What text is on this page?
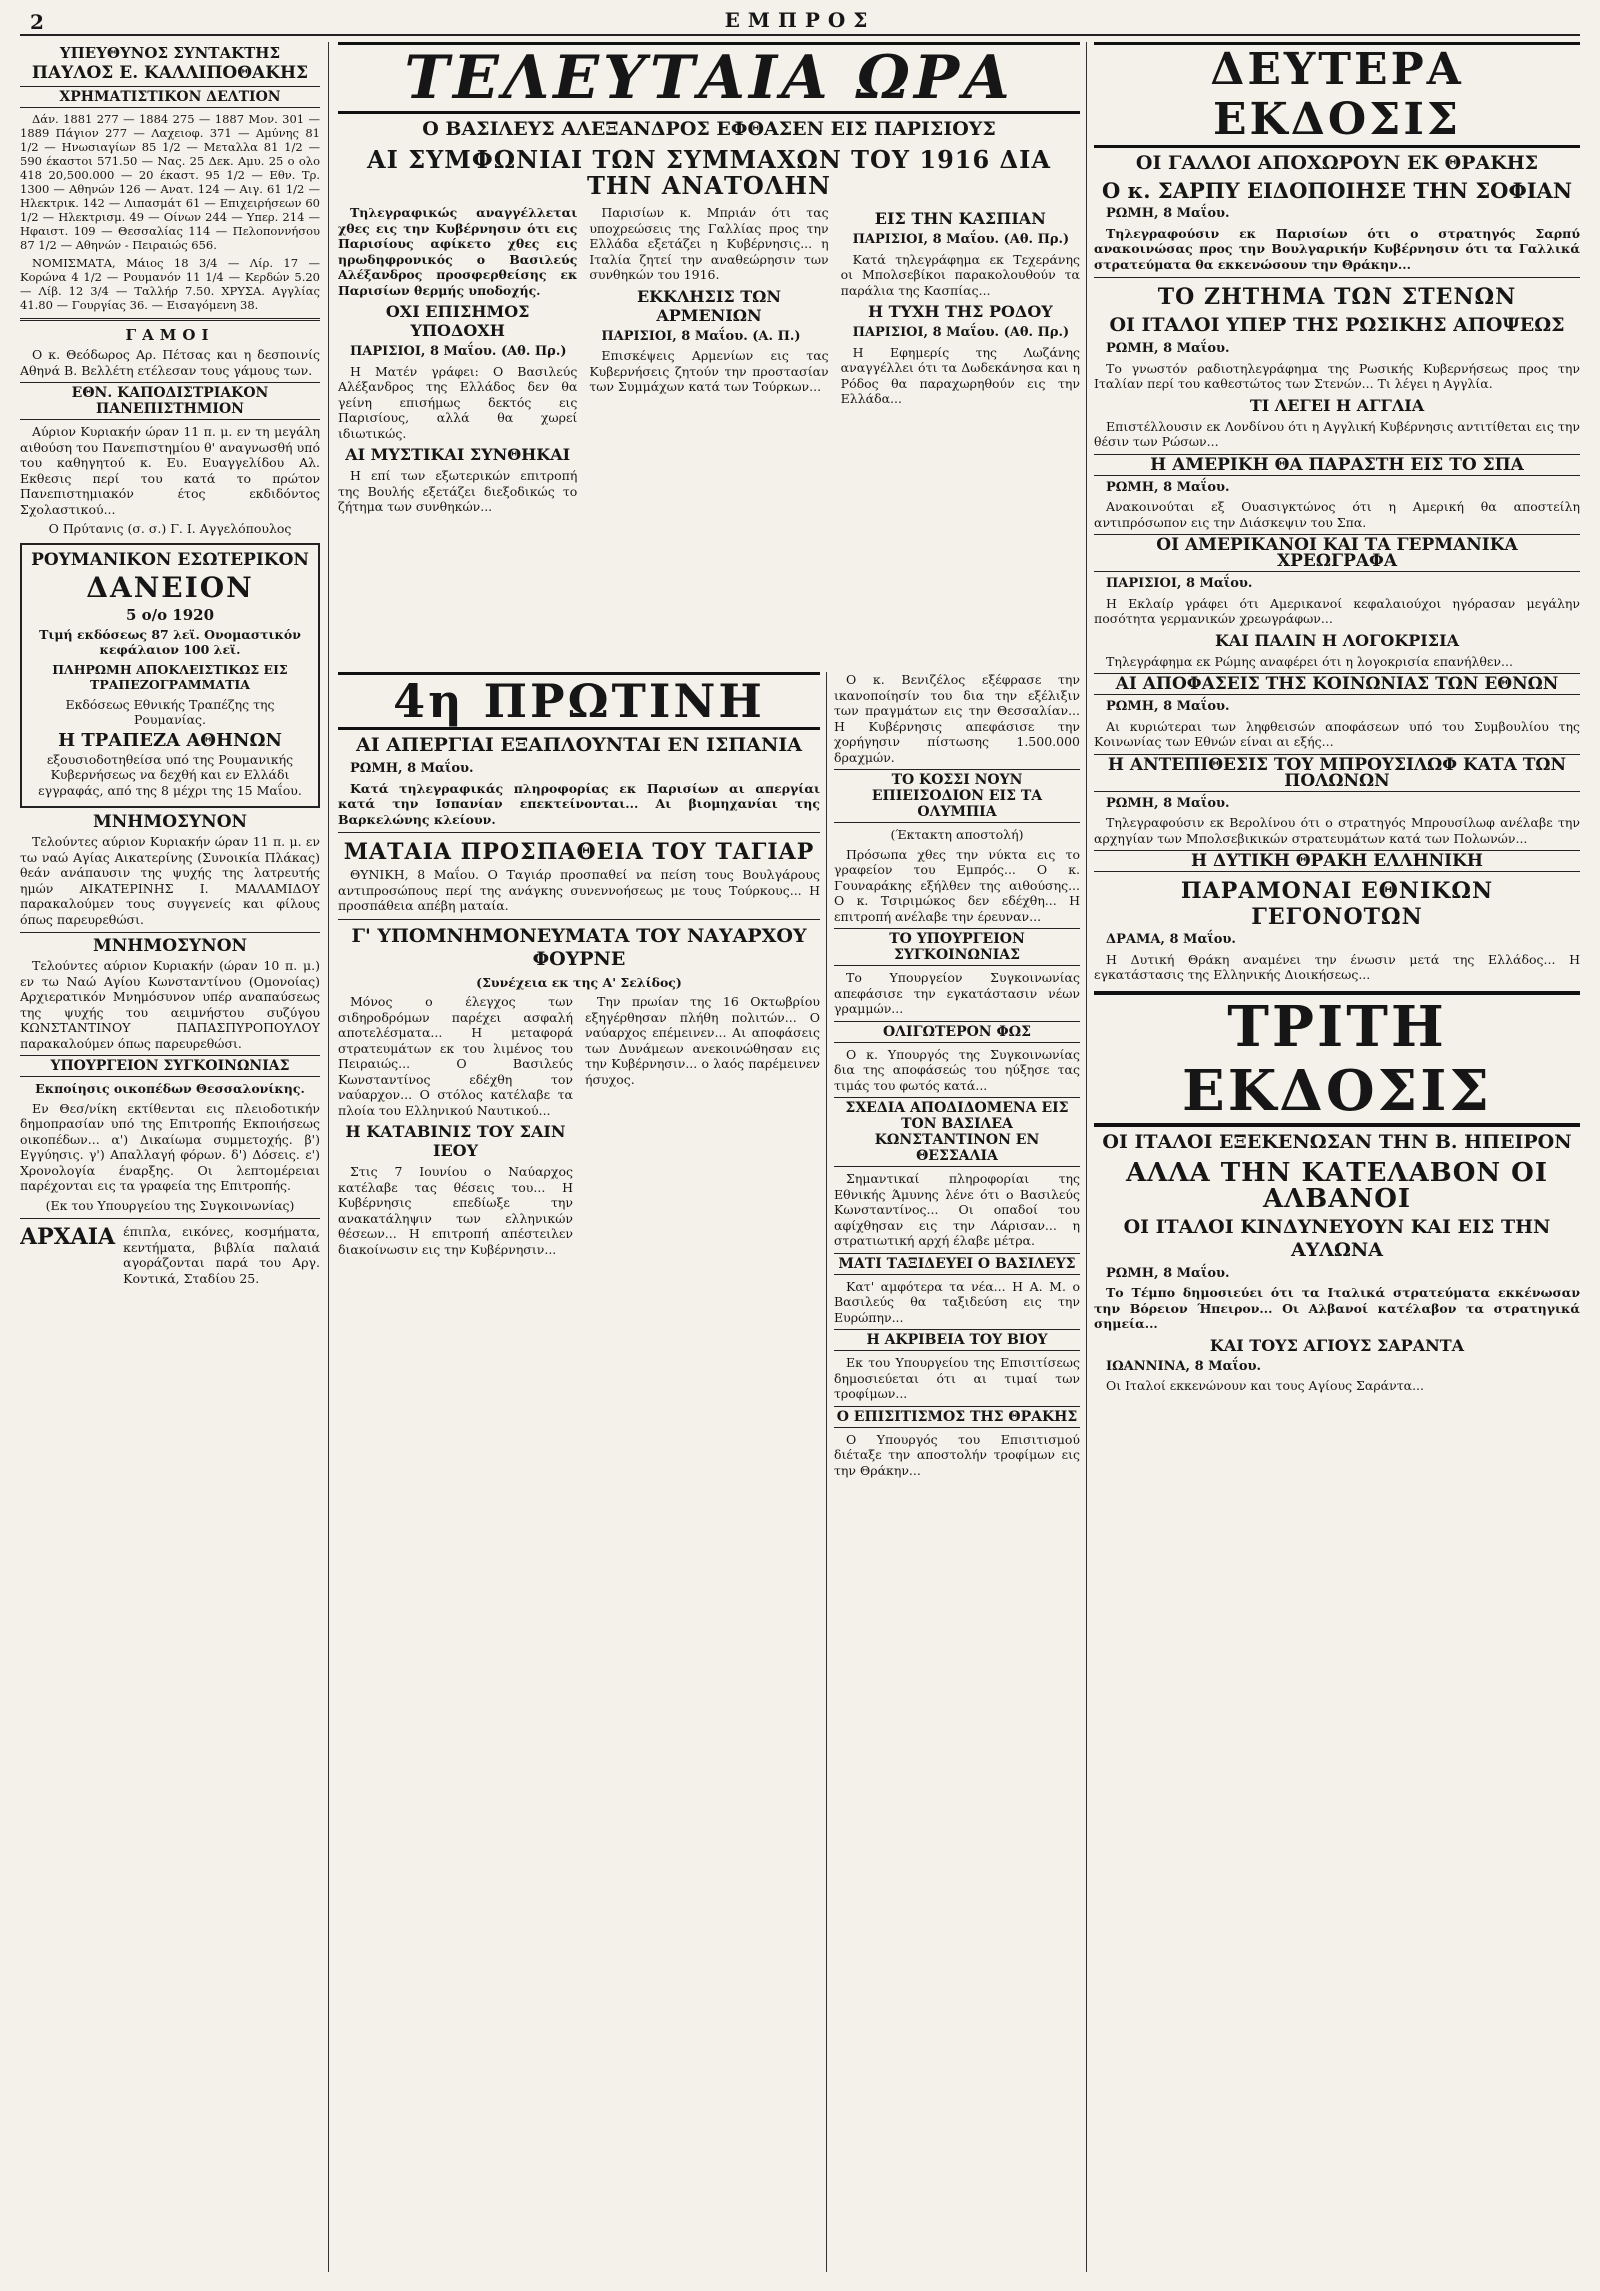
2	ΕΜΠΡΟΣ
ΥΠΕΥΘΥΝΟΣ ΣΥΝΤΑΚΤΗΣ
ΠΑΥΛΟΣ Ε. ΚΑΛΛΙΠΟΘΑΚΗΣ
ΧΡΗΜΑΤΙΣΤΙΚΟΝ ΔΕΛΤΙΟΝ

Δάν. 1881 277 — 1884 275 — 1887 Μον. 301 — 1889 Πάγιον 277 — Λαχειοφ. 371 — Αμύνης 81 1/2 — Ηνωσιαγίων 85 1/2 — Μεταλλα 81 1/2 — 590 έκαστοι 571.50 — Νας. 25 Δεκ. Αμυ. 25 ο ολο 418 20,500.000 — 20 έκαστ. 95 1/2 — Εθν. Τρ. 1300 — Αθηνών 126 — Ανατ. 124 — Αιγ. 61 1/2 — Ηλεκτρικ. 142 — Λιπασμάτ 61 — Επιχειρήσεων 60 1/2 — Ηλεκτρισμ. 49 — Οίνων 244 — Υπερ. 214 — Ηφαιστ. 109 — Θεσσαλίας 114 — Πελοποννήσου 87 1/2 — Αθηνών - Πειραιώς 656.

ΝΟΜΙΣΜΑΤΑ, Μάιος 18 3/4 — Λίρ. 17 — Κορώνα 4 1/2 — Ρουμανόν 11 1/4 — Κερδών 5.20 — Λίβ. 12 3/4 — Ταλλήρ 7.50. ΧΡΥΣΑ. Αγγλίας 41.80 — Γουργίας 36. — Εισαγόμενη 38.

ΓΑΜΟΙ

Ο κ. Θεόδωρος Αρ. Πέτσας και η δεσποινίς Αθηνά Β. Βελλέτη ετέλεσαν τους γάμους των.

ΕΘΝ. ΚΑΠΟΔΙΣΤΡΙΑΚΟΝ ΠΑΝΕΠΙΣΤΗΜΙΟΝ

Αύριον Κυριακήν ώραν 11 π. μ. εν τη μεγάλη αιθούση του Πανεπιστημίου θ' αναγνωσθή υπό του καθηγητού κ. Ευ. Ευαγγελίδου Αλ. Εκθεσις περί του κατά το πρώτον Πανεπιστημιακόν έτος εκδιδόντος Σχολαστικού...

Ο Πρύτανις (σ. σ.) Γ. Ι. Αγγελόπουλος

ΡΟΥΜΑΝΙΚΟΝ ΕΣΩΤΕΡΙΚΟΝ
ΔΑΝΕΙΟΝ
5 ο/ο 1920

Τιμή εκδόσεως 87 λεϊ. Ονομαστικόν κεφάλαιον 100 λεϊ.

ΠΛΗΡΩΜΗ ΑΠΟΚΛΕΙΣΤΙΚΩΣ ΕΙΣ ΤΡΑΠΕΖΟΓΡΑΜΜΑΤΙΑ

Εκδόσεως Εθνικής Τραπέζης της Ρουμανίας.

Η ΤΡΑΠΕΖΑ ΑΘΗΝΩΝ

εξουσιοδοτηθείσα υπό της Ρουμανικής Κυβερνήσεως να δεχθή και εν Ελλάδι εγγραφάς, από της 8 μέχρι της 15 Μαΐου.

ΜΝΗΜΟΣΥΝΟΝ

Τελούντες αύριον Κυριακήν ώραν 11 π. μ. εν τω ναώ Αγίας Αικατερίνης (Συνοικία Πλάκας) θεάν ανάπαυσιν της ψυχής της λατρευτής ημών ΑΙΚΑΤΕΡΙΝΗΣ Ι. ΜΑΛΑΜΙΔΟΥ παρακαλούμεν τους συγγενείς και φίλους όπως παρευρεθώσι.

ΜΝΗΜΟΣΥΝΟΝ

Τελούντες αύριον Κυριακήν (ώραν 10 π. μ.) εν τω Ναώ Αγίου Κωνσταντίνου (Ομονοίας) Αρχιερατικόν Μνημόσυνον υπέρ αναπαύσεως της ψυχής του αειμνήστου συζύγου ΚΩΝΣΤΑΝΤΙΝΟΥ ΠΑΠΑΣΠΥΡΟΠΟΥΛΟΥ παρακαλούμεν όπως παρευρεθώσι.

ΥΠΟΥΡΓΕΙΟΝ ΣΥΓΚΟΙΝΩΝΙΑΣ

Εκποίησις οικοπέδων Θεσσαλονίκης.

Εν Θεσ/νίκη εκτίθενται εις πλειοδοτικήν δημοπρασίαν υπό της Επιτροπής Εκποιήσεως οικοπέδων... α') Δικαίωμα συμμετοχής. β') Εγγύησις. γ') Απαλλαγή φόρων. δ') Δόσεις. ε') Χρονολογία έναρξης. Οι λεπτομέρειαι παρέχονται εις τα γραφεία της Επιτροπής.

(Εκ του Υπουργείου της Συγκοινωνίας)

ΑΡΧΑΙΑ έπιπλα, εικόνες, κοσμήματα, κεντήματα, βιβλία παλαιά αγοράζονται παρά του Αργ. Κοντικά, Σταδίου 25.

ΤΕΛΕΥΤΑΙΑ ΩΡΑ
Ο ΒΑΣΙΛΕΥΣ ΑΛΕΞΑΝΔΡΟΣ ΕΦΘΑΣΕΝ ΕΙΣ ΠΑΡΙΣΙΟΥΣ
ΑΙ ΣΥΜΦΩΝΙΑΙ ΤΩΝ ΣΥΜΜΑΧΩΝ ΤΟΥ 1916 ΔΙΑ ΤΗΝ ΑΝΑΤΟΛΗΝ

Τηλεγραφικώς αναγγέλλεται χθες εις την Κυβέρνησιν ότι εις Παρισίους αφίκετο χθες εις ηρωδηφρονικός ο Βασιλεύς Αλέξανδρος προσφερθείσης εκ Παρισίων θερμής υποδοχής.

ΟΧΙ ΕΠΙΣΗΜΟΣ ΥΠΟΔΟΧΗ

ΠΑΡΙΣΙΟΙ, 8 Μαΐου. (Αθ. Πρ.)

Η Ματέν γράφει: Ο Βασιλεύς Αλέξανδρος της Ελλάδος δεν θα γείνη επισήμως δεκτός εις Παρισίους, αλλά θα χωρεί ιδιωτικώς.

ΑΙ ΜΥΣΤΙΚΑΙ ΣΥΝΘΗΚΑΙ

Η επί των εξωτερικών επιτροπή της Βουλής εξετάζει διεξοδικώς το ζήτημα των συνθηκών...

Παρισίων κ. Μπριάν ότι τας υποχρεώσεις της Γαλλίας προς την Ελλάδα εξετάζει η Κυβέρνησις... η Ιταλία ζητεί την αναθεώρησιν των συνθηκών του 1916.

ΕΚΚΛΗΣΙΣ ΤΩΝ ΑΡΜΕΝΙΩΝ

ΠΑΡΙΣΙΟΙ, 8 Μαΐου. (Α. Π.)

Επισκέψεις Αρμενίων εις τας Κυβερνήσεις ζητούν την προστασίαν των Συμμάχων κατά των Τούρκων...

ΕΙΣ ΤΗΝ ΚΑΣΠΙΑΝ

ΠΑΡΙΣΙΟΙ, 8 Μαΐου. (Αθ. Πρ.)

Κατά τηλεγράφημα εκ Τεχεράνης οι Μπολσεβίκοι παρακολουθούν τα παράλια της Κασπίας...

Η ΤΥΧΗ ΤΗΣ ΡΟΔΟΥ

ΠΑΡΙΣΙΟΙ, 8 Μαΐου. (Αθ. Πρ.)

Η Εφημερίς της Λωζάνης αναγγέλλει ότι τα Δωδεκάνησα και η Ρόδος θα παραχωρηθούν εις την Ελλάδα...

4η ΠΡΩΤΙΝΗ
ΑΙ ΑΠΕΡΓΙΑΙ ΕΞΑΠΛΟΥΝΤΑΙ ΕΝ ΙΣΠΑΝΙΑ

ΡΩΜΗ, 8 Μαΐου.

Κατά τηλεγραφικάς πληροφορίας εκ Παρισίων αι απεργίαι κατά την Ισπανίαν επεκτείνονται... Αι βιομηχανίαι της Βαρκελώνης κλείουν.

ΜΑΤΑΙΑ ΠΡΟΣΠΑΘΕΙΑ ΤΟΥ ΤΑΓΙΑΡ

ΘΥΝΙΚΗ, 8 Μαΐου. Ο Ταγιάρ προσπαθεί να πείση τους Βουλγάρους αντιπροσώπους περί της ανάγκης συνεννοήσεως με τους Τούρκους... Η προσπάθεια απέβη ματαία.

Γ' ΥΠΟΜΝΗΜΟΝΕΥΜΑΤΑ ΤΟΥ ΝΑΥΑΡΧΟΥ ΦΟΥΡΝΕ

(Συνέχεια εκ της Α' Σελίδος)

Μόνος ο έλεγχος των σιδηροδρόμων παρέχει ασφαλή αποτελέσματα... Η μεταφορά στρατευμάτων εκ του λιμένος του Πειραιώς... Ο Βασιλεύς Κωνσταντίνος εδέχθη τον ναύαρχον... Ο στόλος κατέλαβε τα πλοία του Ελληνικού Ναυτικού...

Η ΚΑΤΑΒΙΝΙΣ ΤΟΥ ΣΑΙΝ ΙΕΟΥ

Στις 7 Ιουνίου ο Ναύαρχος κατέλαβε τας θέσεις του... Η Κυβέρνησις επεδίωξε την ανακατάληψιν των ελληνικών θέσεων... Η επιτροπή απέστειλεν διακοίνωσιν εις την Κυβέρνησιν...

Την πρωίαν της 16 Οκτωβρίου εξηγέρθησαν πλήθη πολιτών... Ο ναύαρχος επέμεινεν... Αι αποφάσεις των Δυνάμεων ανεκοινώθησαν εις την Κυβέρνησιν... ο λαός παρέμεινεν ήσυχος.

Ο κ. Βενιζέλος εξέφρασε την ικανοποίησίν του δια την εξέλιξιν των πραγμάτων εις την Θεσσαλίαν... Η Κυβέρνησις απεφάσισε την χορήγησιν πίστωσης 1.500.000 δραχμών.

ΤΟ ΚΟΣΣΙ ΝΟΥΝ ΕΠΙΕΙΣΟΔΙΟΝ ΕΙΣ ΤΑ ΟΛΥΜΠΙΑ

(Έκτακτη αποστολή)

Πρόσωπα χθες την νύκτα εις το γραφείον του Εμπρός... Ο κ. Γουναράκης εξήλθεν της αιθούσης... Ο κ. Τσιριμώκος δεν εδέχθη... Η επιτροπή ανέλαβε την έρευναν...

ΤΟ ΥΠΟΥΡΓΕΙΟΝ ΣΥΓΚΟΙΝΩΝΙΑΣ

Το Υπουργείον Συγκοινωνίας απεφάσισε την εγκατάστασιν νέων γραμμών...

ΟΛΙΓΩΤΕΡΟΝ ΦΩΣ

Ο κ. Υπουργός της Συγκοινωνίας δια της αποφάσεώς του ηύξησε τας τιμάς του φωτός κατά...

ΣΧΕΔΙΑ ΑΠΟΔΙΔΟΜΕΝΑ ΕΙΣ ΤΟΝ ΒΑΣΙΛΕΑ ΚΩΝΣΤΑΝΤΙΝΟΝ ΕΝ ΘΕΣΣΑΛΙΑ

Σημαντικαί πληροφορίαι της Εθνικής Άμυνης λένε ότι ο Βασιλεύς Κωνσταντίνος... Οι οπαδοί του αφίχθησαν εις την Λάρισαν... η στρατιωτική αρχή έλαβε μέτρα.

ΜΑΤΙ ΤΑΞΙΔΕΥΕΙ Ο ΒΑΣΙΛΕΥΣ

Κατ' αμφότερα τα νέα... Η Α. Μ. ο Βασιλεύς θα ταξιδεύση εις την Ευρώπην...

Η ΑΚΡΙΒΕΙΑ ΤΟΥ ΒΙΟΥ

Εκ του Υπουργείου της Επισιτίσεως δημοσιεύεται ότι αι τιμαί των τροφίμων...

Ο ΕΠΙΣΙΤΙΣΜΟΣ ΤΗΣ ΘΡΑΚΗΣ

Ο Υπουργός του Επισιτισμού διέταξε την αποστολήν τροφίμων εις την Θράκην...

ΔΕΥΤΕΡΑ ΕΚΔΟΣΙΣ
ΟΙ ΓΑΛΛΟΙ ΑΠΟΧΩΡΟΥΝ ΕΚ ΘΡΑΚΗΣ
Ο κ. ΣΑΡΠΥ ΕΙΔΟΠΟΙΗΣΕ ΤΗΝ ΣΟΦΙΑΝ

ΡΩΜΗ, 8 Μαΐου.

Τηλεγραφούσιν εκ Παρισίων ότι ο στρατηγός Σαρπύ ανακοινώσας προς την Βουλγαρικήν Κυβέρνησιν ότι τα Γαλλικά στρατεύματα θα εκκενώσουν την Θράκην...

ΤΟ ΖΗΤΗΜΑ ΤΩΝ ΣΤΕΝΩΝ
ΟΙ ΙΤΑΛΟΙ ΥΠΕΡ ΤΗΣ ΡΩΣΙΚΗΣ ΑΠΟΨΕΩΣ

ΡΩΜΗ, 8 Μαΐου.

Το γνωστόν ραδιοτηλεγράφημα της Ρωσικής Κυβερνήσεως προς την Ιταλίαν περί του καθεστώτος των Στενών... Τι λέγει η Αγγλία.

ΤΙ ΛΕΓΕΙ Η ΑΓΓΛΙΑ

Επιστέλλουσιν εκ Λονδίνου ότι η Αγγλική Κυβέρνησις αντιτίθεται εις την θέσιν των Ρώσων...

Η ΑΜΕΡΙΚΗ ΘΑ ΠΑΡΑΣΤΗ ΕΙΣ ΤΟ ΣΠΑ

ΡΩΜΗ, 8 Μαΐου.

Ανακοινούται εξ Ουασιγκτώνος ότι η Αμερική θα αποστείλη αντιπρόσωπον εις την Διάσκεψιν του Σπα.

ΟΙ ΑΜΕΡΙΚΑΝΟΙ ΚΑΙ ΤΑ ΓΕΡΜΑΝΙΚΑ ΧΡΕΩΓΡΑΦΑ

ΠΑΡΙΣΙΟΙ, 8 Μαΐου.

Η Εκλαίρ γράφει ότι Αμερικανοί κεφαλαιούχοι ηγόρασαν μεγάλην ποσότητα γερμανικών χρεωγράφων...

ΚΑΙ ΠΑΛΙΝ Η ΛΟΓΟΚΡΙΣΙΑ

Τηλεγράφημα εκ Ρώμης αναφέρει ότι η λογοκρισία επανήλθεν...

ΑΙ ΑΠΟΦΑΣΕΙΣ ΤΗΣ ΚΟΙΝΩΝΙΑΣ ΤΩΝ ΕΘΝΩΝ

ΡΩΜΗ, 8 Μαΐου.

Αι κυριώτεραι των ληφθεισών αποφάσεων υπό του Συμβουλίου της Κοινωνίας των Εθνών είναι αι εξής...

Η ΑΝΤΕΠΙΘΕΣΙΣ ΤΟΥ ΜΠΡΟΥΣΙΛΩΦ ΚΑΤΑ ΤΩΝ ΠΟΛΩΝΩΝ

ΡΩΜΗ, 8 Μαΐου.

Τηλεγραφούσιν εκ Βερολίνου ότι ο στρατηγός Μπρουσίλωφ ανέλαβε την αρχηγίαν των Μπολσεβικικών στρατευμάτων κατά των Πολωνών...

Η ΔΥΤΙΚΗ ΘΡΑΚΗ ΕΛΛΗΝΙΚΗ
ΠΑΡΑΜΟΝΑΙ ΕΘΝΙΚΩΝ ΓΕΓΟΝΟΤΩΝ

ΔΡΑΜΑ, 8 Μαΐου.

Η Δυτική Θράκη αναμένει την ένωσιν μετά της Ελλάδος... Η εγκατάστασις της Ελληνικής Διοικήσεως...

ΤΡΙΤΗ ΕΚΔΟΣΙΣ
ΟΙ ΙΤΑΛΟΙ ΕΞΕΚΕΝΩΣΑΝ ΤΗΝ Β. ΗΠΕΙΡΟΝ
ΑΛΛΑ ΤΗΝ ΚΑΤΕΛΑΒΟΝ ΟΙ ΑΛΒΑΝΟΙ
ΟΙ ΙΤΑΛΟΙ ΚΙΝΔΥΝΕΥΟΥΝ ΚΑΙ ΕΙΣ ΤΗΝ ΑΥΛΩΝΑ

ΡΩΜΗ, 8 Μαΐου.

Το Τέμπο δημοσιεύει ότι τα Ιταλικά στρατεύματα εκκένωσαν την Βόρειον Ήπειρον... Οι Αλβανοί κατέλαβον τα στρατηγικά σημεία...

ΚΑΙ ΤΟΥΣ ΑΓΙΟΥΣ ΣΑΡΑΝΤΑ

ΙΩΑΝΝΙΝΑ, 8 Μαΐου.

Οι Ιταλοί εκκενώνουν και τους Αγίους Σαράντα...
